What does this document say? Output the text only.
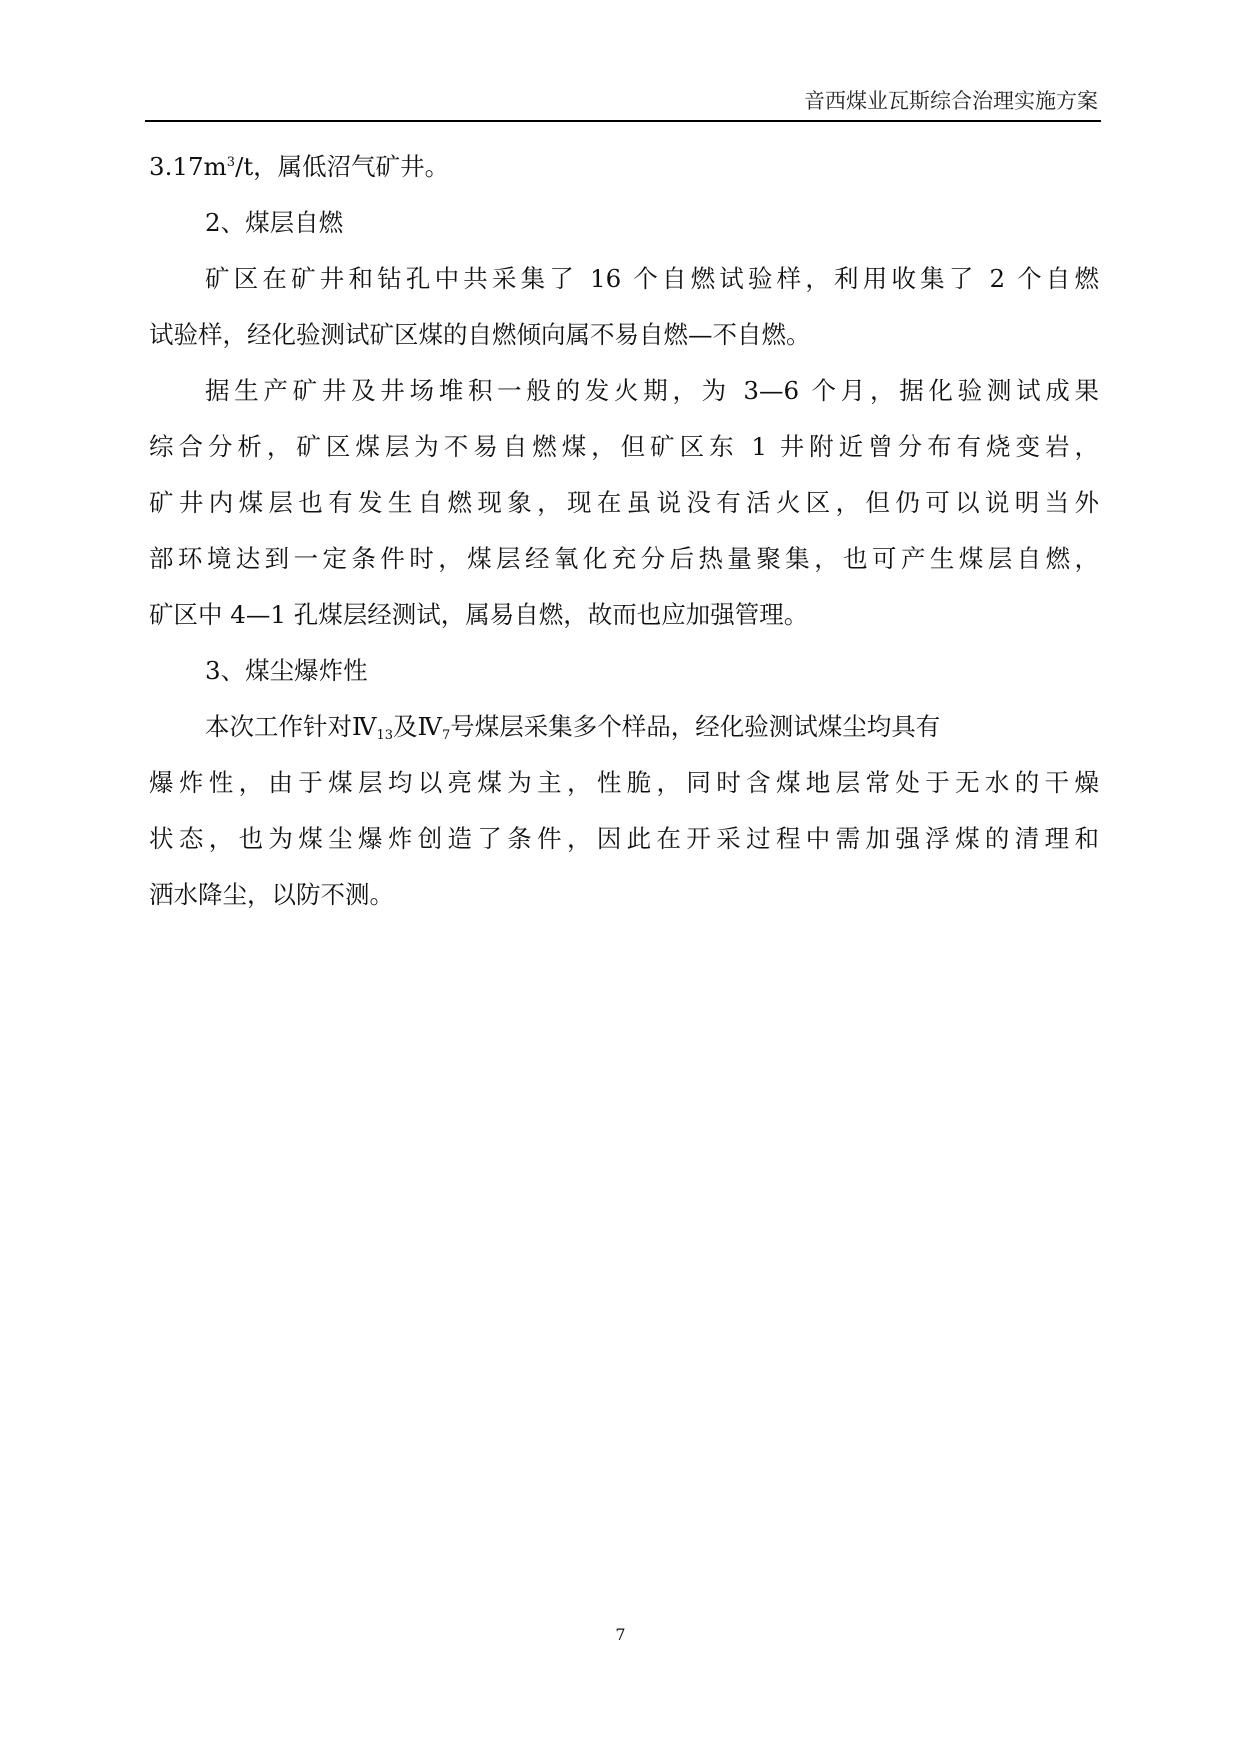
音西煤业瓦斯综合治理实施方案
$3.17m^3/t$，属低沼气矿井。
2、煤层自燃
矿区在矿井和钻孔中共采集了 16 个自燃试验样，利用收集了 2 个自燃
试验样，经化验测试矿区煤的自燃倾向属不易自燃—不自燃。
据生产矿井及井场堆积一般的发火期，为 3—6 个月，据化验测试成果
综合分析，矿区煤层为不易自燃煤，但矿区东 1 井附近曾分布有烧变岩，
矿井内煤层也有发生自燃现象，现在虽说没有活火区，但仍可以说明当外
部环境达到一定条件时，煤层经氧化充分后热量聚集，也可产生煤层自燃，
矿区中 4—1 孔煤层经测试，属易自燃，故而也应加强管理。
3、煤尘爆炸性
本次工作针对$Ⅳ_{13}$及$Ⅳ_7$号煤层采集多个样品，经化验测试煤尘均具有
爆炸性，由于煤层均以亮煤为主，性脆，同时含煤地层常处于无水的干燥
状态，也为煤尘爆炸创造了条件，因此在开采过程中需加强浮煤的清理和
洒水降尘，以防不测。
7
